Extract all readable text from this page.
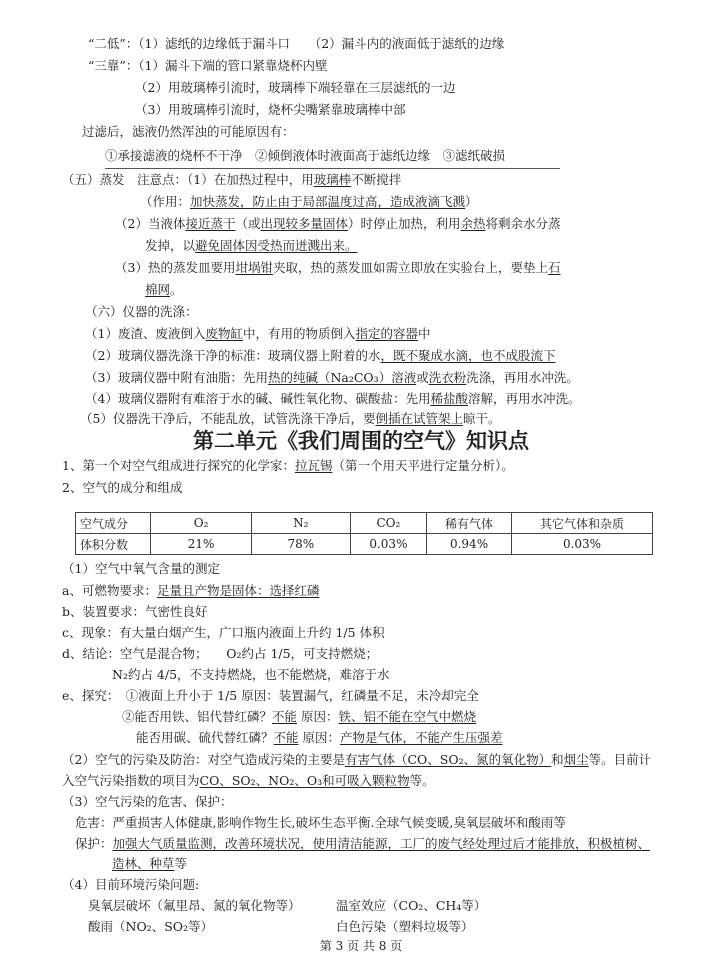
“二低”：（1）滤纸的边缘低于漏斗口　　（2）漏斗内的液面低于滤纸的边缘
“三靠”：（1）漏斗下端的管口紧靠烧杯内壁
（2）用玻璃棒引流时，玻璃棒下端轻靠在三层滤纸的一边
（3）用玻璃棒引流时，烧杯尖嘴紧靠玻璃棒中部
过滤后，滤液仍然浑浊的可能原因有：
①承接滤液的烧杯不干净　②倾倒液体时液面高于滤纸边缘　③滤纸破损
（五）蒸发　注意点：（1）在加热过程中，用玻璃棒不断搅拌
（作用：加快蒸发，防止由于局部温度过高，造成液滴飞溅）
（2）当液体接近蒸干（或出现较多量固体）时停止加热，利用余热将剩余水分蒸
发掉，以避免固体因受热而迸溅出来。
（3）热的蒸发皿要用坩埚钳夹取，热的蒸发皿如需立即放在实验台上，要垫上石
棉网。
（六）仪器的洗涤：
（1）废渣、废液倒入废物缸中，有用的物质倒入指定的容器中
（2）玻璃仪器洗涤干净的标准：玻璃仪器上附着的水，既不聚成水滴，也不成股流下
（3）玻璃仪器中附有油脂：先用热的纯碱（Na₂CO₃）溶液或洗衣粉洗涤，再用水冲洗。
（4）玻璃仪器附有难溶于水的碱、碱性氧化物、碳酸盐：先用稀盐酸溶解，再用水冲洗。
（5）仪器洗干净后，不能乱放，试管洗涤干净后，要倒插在试管架上晾干。
1、第一个对空气组成进行探究的化学家：拉瓦锡（第一个用天平进行定量分析）。
2、空气的成分和组成
（1）空气中氧气含量的测定
a、可燃物要求：足量且产物是固体：选择红磷
b、装置要求：气密性良好
c、现象：有大量白烟产生，广口瓶内液面上升约 1/5 体积
d、结论：空气是混合物；　　O₂约占 1/5，可支持燃烧；
N₂约占 4/5，不支持燃烧，也不能燃烧，难溶于水
e、探究：　①液面上升小于 1/5 原因：装置漏气，红磷量不足，未冷却完全
②能否用铁、铝代替红磷？不能 原因：铁、铝不能在空气中燃烧
能否用碳、硫代替红磷？不能 原因：产物是气体，不能产生压强差
（2）空气的污染及防治：对空气造成污染的主要是有害气体（CO、SO₂、氮的氧化物）和烟尘等。目前计
入空气污染指数的项目为CO、SO₂、NO₂、O₃和可吸入颗粒物等。
（3）空气污染的危害、保护：
危害：严重损害人体健康,影响作物生长,破坏生态平衡.全球气候变暖,臭氧层破坏和酸雨等
保护：加强大气质量监测，改善环境状况，使用清洁能源，工厂的废气经处理过后才能排放，积极植树、
造林、种草等
（4）目前环境污染问题:
臭氧层破坏（氟里昂、氮的氧化物等）	温室效应（CO₂、CH₄等）
酸雨（NO₂、SO₂等）	白色污染（塑料垃圾等）
第二单元《我们周围的空气》知识点
空气成分	O₂	N₂	CO₂	稀有气体	其它气体和杂质
体积分数	21%	78%	0.03%	0.94%	0.03%
第 3 页 共 8 页
